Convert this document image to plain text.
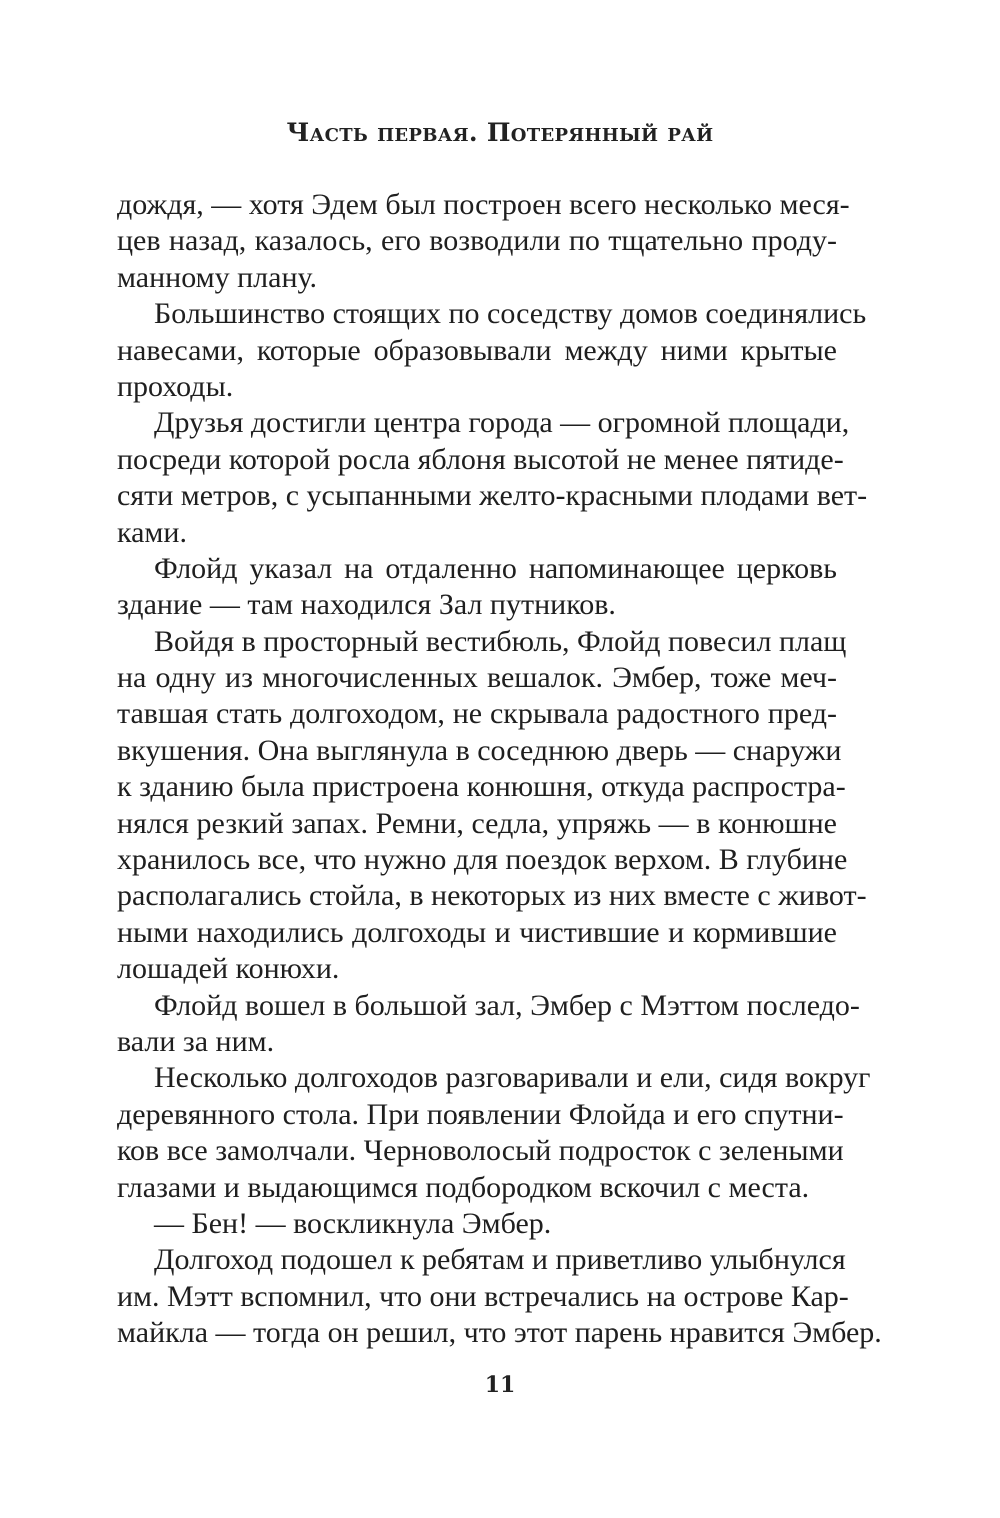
Часть первая. Потерянный рай
дождя, — хотя Эдем был построен всего несколько меся-
цев назад, казалось, его возводили по тщательно проду-
манному плану.
Большинство стоящих по соседству домов соединялись
навесами, которые образовывали между ними крытые
проходы.
Друзья достигли центра города — огромной площади,
посреди которой росла яблоня высотой не менее пятиде-
сяти метров, с усыпанными желто-красными плодами вет-
ками.
Флойд указал на отдаленно напоминающее церковь
здание — там находился Зал путников.
Войдя в просторный вестибюль, Флойд повесил плащ
на одну из многочисленных вешалок. Эмбер, тоже меч-
тавшая стать долгоходом, не скрывала радостного пред-
вкушения. Она выглянула в соседнюю дверь — снаружи
к зданию была пристроена конюшня, откуда распростра-
нялся резкий запах. Ремни, седла, упряжь — в конюшне
хранилось все, что нужно для поездок верхом. В глубине
располагались стойла, в некоторых из них вместе с живот-
ными находились долгоходы и чистившие и кормившие
лошадей конюхи.
Флойд вошел в большой зал, Эмбер с Мэттом последо-
вали за ним.
Несколько долгоходов разговаривали и ели, сидя вокруг
деревянного стола. При появлении Флойда и его спутни-
ков все замолчали. Черноволосый подросток с зелеными
глазами и выдающимся подбородком вскочил с места.
— Бен! — воскликнула Эмбер.
Долгоход подошел к ребятам и приветливо улыбнулся
им. Мэтт вспомнил, что они встречались на острове Кар-
майкла — тогда он решил, что этот парень нравится Эмбер.
11
